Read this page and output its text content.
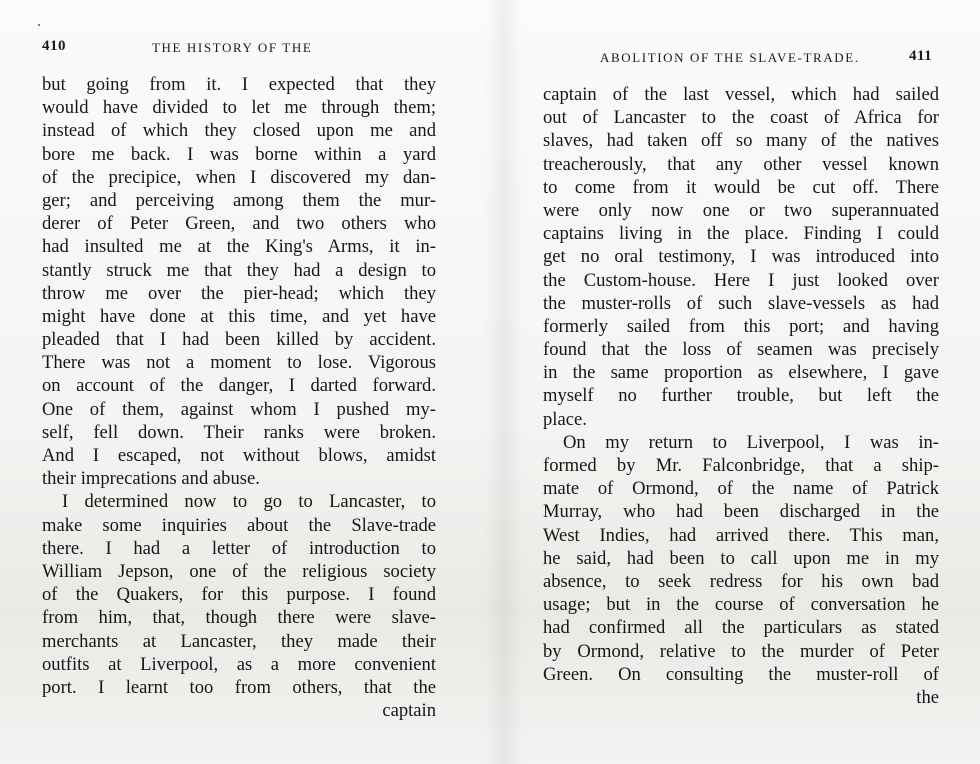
410	THE HISTORY OF THE
but going from it. I expected that they
would have divided to let me through them;
instead of which they closed upon me and
bore me back. I was borne within a yard
of the precipice, when I discovered my dan-
ger; and perceiving among them the mur-
derer of Peter Green, and two others who
had insulted me at the King's Arms, it in-
stantly struck me that they had a design to
throw me over the pier-head; which they
might have done at this time, and yet have
pleaded that I had been killed by accident.
There was not a moment to lose. Vigorous
on account of the danger, I darted forward.
One of them, against whom I pushed my-
self, fell down. Their ranks were broken.
And I escaped, not without blows, amidst
their imprecations and abuse.
I determined now to go to Lancaster, to
make some inquiries about the Slave-trade
there. I had a letter of introduction to
William Jepson, one of the religious society
of the Quakers, for this purpose. I found
from him, that, though there were slave-
merchants at Lancaster, they made their
outfits at Liverpool, as a more convenient
port. I learnt too from others, that the
captain
ABOLITION OF THE SLAVE-TRADE.	411
captain of the last vessel, which had sailed
out of Lancaster to the coast of Africa for
slaves, had taken off so many of the natives
treacherously, that any other vessel known
to come from it would be cut off. There
were only now one or two superannuated
captains living in the place. Finding I could
get no oral testimony, I was introduced into
the Custom-house. Here I just looked over
the muster-rolls of such slave-vessels as had
formerly sailed from this port; and having
found that the loss of seamen was precisely
in the same proportion as elsewhere, I gave
myself no further trouble, but left the
place.
On my return to Liverpool, I was in-
formed by Mr. Falconbridge, that a ship-
mate of Ormond, of the name of Patrick
Murray, who had been discharged in the
West Indies, had arrived there. This man,
he said, had been to call upon me in my
absence, to seek redress for his own bad
usage; but in the course of conversation he
had confirmed all the particulars as stated
by Ormond, relative to the murder of Peter
Green. On consulting the muster-roll of
the
